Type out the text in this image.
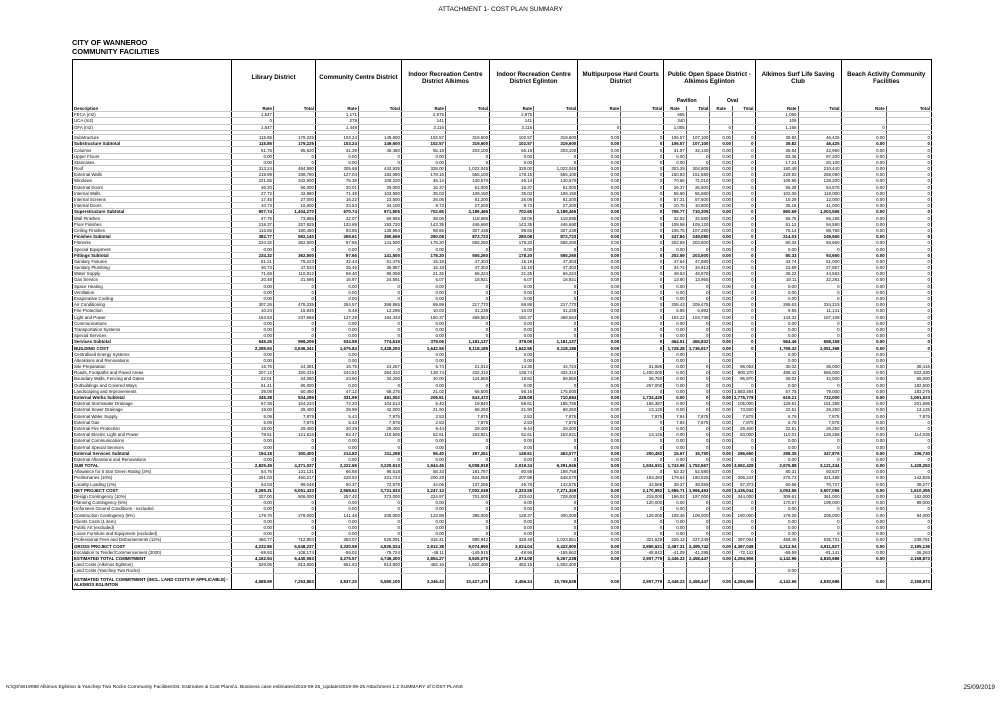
ATTACHMENT 1- COST PLAN SUMMARY
CITY OF WANNEROO
COMMUNITY FACILITIES
	Library District		Community Centre District		Indoor Recreation Centre District Alkimos		Indoor Recreation Centre District Eglinton		Multipurpose Hard Courts District		Public Open Space District - Alkimos Eglinton				Alkimos Surf Life Saving Club		Beach Activity Community Facilities	
											Pavilion		Oval					
Description	Rate	Total	Rate	Total	Rate	Total	Rate	Total	Rate	Total	Rate	Total	Rate	Total	Rate	Total	Rate	Total
FECA (m2)	1,547		1,171		2,975		2,975				665				1,060			
UCA (m2)	0		278		141		141				340				106			
GFA (m2)	1,547		1,449		3,116		3,116		0		1,005		0		1,166		0	

Substructure	115.85	179,225	103.24	149,600	102.57	319,600	102.57	319,600	0.00	0	106.57	107,100	0.00	0	39.82	46,425	0.00	0
Substructure Subtotal	115.85	179,225	103.24	149,600	102.57	319,600	102.57	319,600	0.00	0	106.57	107,100	0.00	0	39.82	46,425	0.00	0
Columns	61.75	95,520	31.39	45,480	65.18	203,100	65.18	203,100	0.00	0	31.97	32,130	0.00	0	36.84	42,960	0.00	0
Upper Floors	0.00	0	0.00	0	0.00	0	0.00	0	0.00	0	0.00	0	0.00	0	83.36	97,200	0.00	0
Staircases	0.00	0	0.00	0	0.00	0	0.00	0	0.00	0	0.00	0	0.00	0	17.24	20,100	0.00	0
Roof	313.24	484,590	305.68	442,935	328.00	1,022,045	328.00	1,022,045	0.00	0	303.29	304,805	0.00	0	180.48	210,440	0.00	0
External Walls	218.99	338,780	127.04	184,080	178.15	555,100	178.15	555,100	0.00	0	150.83	151,580	0.00	0	229.92	268,090	0.00	0
Windows	221.65	342,900	75.38	109,220	45.14	140,670	45.14	140,670	0.00	0	70.66	71,010	0.00	0	109.95	128,200	0.00	0
External Doors	36.20	56,000	20.01	29,000	16.37	51,000	16.37	51,000	0.00	0	26.37	26,500	0.00	0	55.38	64,575	0.00	0
Internal Walls	27.72	42,880	71.49	103,590	35.03	109,150	35.03	109,150	0.00	0	55.60	55,880	0.00	0	102.06	119,000	0.00	0
Internal Screens	17.45	27,000	16.22	23,500	26.06	81,200	26.06	81,200	0.00	0	57.31	57,600	0.00	0	10.29	12,000	0.00	0
Internal Doors	10.73	16,600	23.53	34,100	8.73	27,200	8.73	27,200	0.00	0	10.75	10,800	0.00	0	35.16	41,000	0.00	0
Superstructure Subtotal	907.74	1,404,270	670.74	971,905	702.65	2,189,465	702.65	2,189,465	0.00	0	706.77	710,305	0.00	0	860.69	1,003,565	0.00	0
Wall Finishes	47.75	73,865	42.07	60,955	38.06	118,595	38.06	118,595	0.00	0	32.52	32,680	0.00	0	56.76	66,185	0.00	0
Floor Finishes	218.37	337,825	133.69	193,720	143.35	446,690	143.35	446,690	0.00	0	108.58	109,120	0.00	0	81.12	94,590	0.00	0
Ceiling Finishes	116.65	180,450	93.85	135,994	98.66	307,438	98.66	307,438	0.00	0	106.75	107,280	0.00	0	76.14	88,785	0.00	0
Finishes Subtotal	382.77	592,140	269.61	390,669	280.08	872,723	280.08	872,723	0.00	0	247.84	249,080	0.00	0	214.03	249,560	0.00	0
Fitments	234.32	362,500	97.65	141,500	178.20	555,260	178.20	555,260	0.00	0	202.59	203,600	0.00	0	80.33	93,660	0.00	0
Special Equipment	0.00	0	0.00	0	0.00	0	0.00	0	0.00	0	0.00	0	0.00	0	0.00	0	0.00	0
Fittings Subtotal	234.32	362,500	97.65	141,500	178.20	555,260	178.20	555,260	0.00	0	202.59	203,600	0.00	0	80.33	93,660	0.00	0
Sanitary Fixtures	51.21	79,223	42.43	61,476	15.18	47,303	15.18	47,303	0.00	0	47.64	47,880	0.00	0	43.74	51,000	0.00	0
Sanitary Plumbing	30.73	47,534	25.46	36,887	15.18	47,303	15.18	47,303	0.00	0	34.74	34,913	0.00	0	23.89	27,857	0.00	0
Water Supply	71.69	110,912	59.40	86,069	21.25	66,224	21.25	66,224	0.00	0	48.63	48,878	0.00	0	38.22	44,562	0.00	0
Gas Service	20.48	31,686	16.97	24,591	6.07	18,921	6.07	18,921	0.00	0	13.90	13,965	0.00	0	19.11	22,281	0.00	0
Space Heating	0.00	0	0.00	0	0.00	0	0.00	0	0.00	0	0.00	0	0.00	0	0.00	0	0.00	0
Ventilation	0.00	0	0.00	0	0.00	0	0.00	0	0.00	0	0.00	0	0.00	0	0.00	0	0.00	0
Evaporative Cooling	0.00	0	0.00	0	0.00	0	0.00	0	0.00	0	0.00	0	0.00	0	0.00	0	0.00	0
Air Conditioning	307.26	475,335	254.57	368,865	69.89	217,770	69.89	217,770	0.00	0	208.43	209,475	0.00	0	286.63	334,215	0.00	0
Fire Protection	10.24	15,845	8.49	12,296	10.03	31,238	10.03	31,238	0.00	0	6.95	6,983	0.00	0	9.55	11,141	0.00	0
Light and Power	153.63	237,668	127.28	184,433	150.37	468,563	150.37	468,563	0.00	0	104.22	104,738	0.00	0	143.32	167,108	0.00	0
Communications	0.00	0	0.00	0	0.00	0	0.00	0	0.00	0	0.00	0	0.00	0	0.00	0	0.00	0
Transportation Systems	0.00	0	0.00	0	0.00	0	0.00	0	0.00	0	0.00	0	0.00	0	0.00	0	0.00	0
Special Services	0.00	0	0.00	0	0.00	0	0.00	0	0.00	0	0.00	0	0.00	0	0.00	0	0.00	0
Services Subtotal	645.25	998,206	534.59	774,619	379.06	1,181,137	379.06	1,181,137	0.00	0	464.51	466,832	0.00	0	564.46	658,158	0.00	0
BUILDING COST	2,285.93	3,536,341	1,675.84	2,428,293	1,642.55	5,118,185	1,642.55	5,118,185	0.00	0	1,728.28	1,736,917	0.00	0	1,759.32	2,051,368	0.00	0
Centralised Energy Systems	0.00		0.00		0.00		0.00		0.00		0.00		0.00		0.00		0.00	
Alterations and Renovations	0.00		0.00		0.00		0.00		0.00		0.00		0.00		0.00		0.00	
Site Preparation	15.76	24,381	16.75	24,267	6.74	21,012	14.35	44,724	0.00	31,686	0.00	0	0.00	96,053	30.02	35,000	0.00	38,416
Roads, Footpaths and Paved Areas	207.12	320,415	244.52	354,310	138.74	432,310	138.74	432,310	0.00	1,400,000	0.00	0	0.00	900,370	485.42	566,000	0.00	622,330
Boundary Walls, Fencing and Gates	22.01	34,050	23.60	34,200	40.00	124,650	18.82	58,650	0.00	35,750	0.00	0	0.00	95,870	36.02	42,000	0.00	65,000
Outbuildings and Covered Ways	61.41	95,000	0.00	0	0.00	0	0.00	0	0.00	267,000	0.00	0	0.00	0	0.00	0	0.00	182,500
Landscaping and Improvements	39.08	60,450	47.12	68,275	21.02	65,500	56.16	175,000	0.00	0	0.00	0	0.00	1,683,484	67.75	79,000	0.00	183,275
External Works Subtotal	345.38	534,296	331.99	481,052	206.51	643,472	228.08	710,684	0.00	1,734,439	0.00	0	0.00	2,775,778	619.21	722,000	0.00	1,091,523
External Stormwater Drainage	67.38	104,234	72.20	104,613	6.40	19,940	59.61	185,756	0.00	166,387	0.00	0	0.00	105,000	129.81	151,358	0.00	201,695
External Sewer Drainage	19.00	29,400	28.99	42,000	21.90	68,250	21.90	68,250	0.00	13,125	0.00	0	0.00	73,500	22.51	26,250	0.00	13,125
External Water Supply	5.09	7,875	5.43	7,875	2.53	7,875	2.53	7,875	0.00	7,875	7.84	7,875	0.00	7,875	6.75	7,875	0.00	7,875
External Gas	5.09	7,875	5.43	7,875	2.53	7,875	2.53	7,875	0.00	0	7.84	7,875	0.00	7,875	6.75	7,875	0.00	0
External Fire Protection	19.00	29,400	20.29	29,400	9.44	29,400	9.44	29,400	0.00	0	0.00	0	0.00	29,400	22.51	26,250	0.00	0
External Electric Light and Power	78.61	121,616	82.47	119,506	52.61	163,921	52.61	163,921	0.00	13,125	0.00	0	0.00	63,000	110.01	128,268	0.00	114,035
External Communications	0.00	0	0.00	0	0.00	0	0.00	0	0.00	0	0.00	0	0.00	0	0.00	0	0.00	0
External Special Services	0.00	0	0.00	0	0.00	0	0.00	0	0.00	0	0.00	0	0.00	0	0.00	0	0.00	0
External Services Subtotal	194.18	300,400	214.82	311,268	95.40	297,261	148.61	463,077	0.00	200,492	15.67	15,750	0.00	286,650	298.35	347,876	0.00	336,730
External Alterations and Renovations	0.00	0	0.00	0	0.00	0	0.00	0	0.00	0	0.00	0	0.00	0	0.00	0	0.00	0
SUB TOTAL	2,825.49	4,371,037	2,222.65	3,220,613	1,944.45	6,058,918	2,019.24	6,291,946	0.00	1,934,931	1,743.95	1,752,667	0.00	3,062,428	2,676.88	3,121,244	0.00	1,428,253
Allowance for 5 Star Green Rating (3%)	84.76	131,131	66.68	96,618	58.33	181,767	60.58	188,758	0.00	0	52.32	52,580	0.00	0	80.31	93,637	0.00	0
Preliminaries (10%)	291.03	450,217	228.93	331,723	200.28	624,068	207.98	648,070	0.00	193,493	179.64	180,525	0.00	306,243	275.72	321,488	0.00	142,825
Locality Loading (2%)	64.03	99,048	50.37	72,979	44.06	137,295	45.76	142,575	0.00	42,568	39.37	38,559	0.00	67,373	60.66	70,727	0.00	39,277
NET PROJECT COST	3,265.31	5,051,433	2,568.62	3,721,933	2,247.13	7,002,048	2,333.55	7,271,349	0.00	2,170,992	1,956.71	1,966,493	0.00	3,436,044	3,093.56	3,607,096	0.00	1,610,355
Design Contingency (10%)	327.00	506,000	257.42	373,000	224.97	701,000	233.63	728,000	0.00	218,000	196.02	197,000	0.00	344,000	309.61	361,000	0.00	162,000
Planning Contingency (5%)	0.00	0	0.00	0	0.00	0	0.00	0	0.00	120,000	0.00	0	0.00	0	170.67	199,000	0.00	89,000
Unforseen Ground Conditions - excluded	0.00	0	0.00	0	0.00	0	0.00	0	0.00	0	0.00	0	0.00	0	0.00	0	0.00	0
Construction Contingency (5%)	179.70	278,000	141.48	205,000	123.88	386,000	128.37	400,000	0.00	126,000	108.46	109,000	0.00	190,000	179.25	209,000	0.00	94,000
Clients Costs (1 item)	0.00	0	0.00	0	0.00	0	0.00	0	0.00	0	0.00	0	0.00	0	0.00	0	0.00	0
Public Art (excluded)	0.00	0	0.00	0	0.00	0	0.00	0	0.00	0	0.00	0	0.00	0	0.00	0	0.00	0
Loose Furniture and Equipment (excluded)	0.00	0	0.00	0	0.00	0	0.00	0	0.00	0	0.00	0	0.00	0	0.00	0	0.00	0
Professional Fees and Disbursements (12%)	460.77	712,804	363.07	526,091	316.41	985,942	328.48	1,023,551	0.00	321,629	226.12	227,249	0.00	397,004	459.46	535,731	0.00	239,781
GROSS PROJECT COST	4,232.86	6,548,237	3,330.59	4,826,024	2,912.38	9,074,990	3,024.04	9,422,900	0.00	2,956,621	2,487.31	2,499,742	0.00	4,367,048	4,212.54	4,911,827	0.00	2,195,136
Escalation to Tender/Commencement (2020)	-69.93	-108,174	-55.02	-79,724	-48.11	-149,915	-49.96	-155,662	0.00	-48,842	-41.09	-41,295	0.00	-72,142	-69.59	-81,141	0.00	-36,263
ESTIMATED TOTAL COMMITMENT	4,162.94	6,440,063	3,275.57	4,746,300	2,864.27	8,925,075	2,974.08	9,267,238	0.00	2,907,779	2,446.22	2,458,447	0.00	4,294,906	4,142.96	4,830,686	0.00	2,158,873
Land Costs (Alkimos Eglinton)	526.05	813,800	561.63	813,800	482.16	1,502,400	482.16	1,502,400										
Land Costs (Yanchep Two Rocks)															0.00			
ESTIMATED TOTAL COMMITMENT (INCL. LAND COSTS IF APPLICABLE) - ALKIMOS EGLINTON	4,688.99	7,253,863	3,837.20	5,560,100	3,346.43	10,427,475	3,456.24	10,769,638	0.00	2,907,779	2,446.22	2,458,447	0.00	4,294,906	4,142.96	4,830,686	0.00	2,158,873
N:\QS\W19098 Alkimos Eglinton & Yanchep Two Rocks Community Facilities\04. Estimates & Cost Plans\1. Business case estimates\2019-09-25_Update\2019-09-25 Attachment 1.2 SUMMARY of COST PLANS	25/09/2019
